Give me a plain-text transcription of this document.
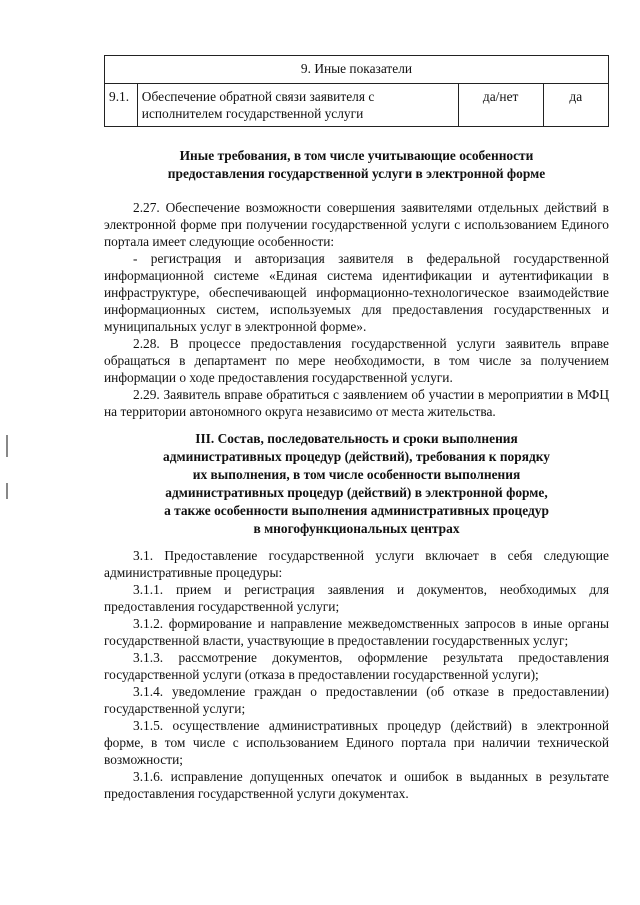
9. Иные показатели
9.1.	Обеспечение обратной связи заявителя с исполнителем государственной услуги	да/нет	да
Иные требования, в том числе учитывающие особенности
предоставления государственной услуги в электронной форме

2.27. Обеспечение возможности совершения заявителями отдельных действий в электронной форме при получении государственной услуги с использованием Единого портала имеет следующие особенности:

- регистрация и авторизация заявителя в федеральной государственной информационной системе «Единая система идентификации и аутентификации в инфраструктуре, обеспечивающей информационно-технологическое взаимодействие информационных систем, используемых для предоставления государственных и муниципальных услуг в электронной форме».

2.28. В процессе предоставления государственной услуги заявитель вправе обращаться в департамент по мере необходимости, в том числе за получением информации о ходе предоставления государственной услуги.

2.29. Заявитель вправе обратиться с заявлением об участии в мероприятии в МФЦ на территории автономного округа независимо от места жительства.

III. Состав, последовательность и сроки выполнения
административных процедур (действий), требования к порядку
их выполнения, в том числе особенности выполнения
административных процедур (действий) в электронной форме,
а также особенности выполнения административных процедур
в многофункциональных центрах

3.1. Предоставление государственной услуги включает в себя следующие административные процедуры:

3.1.1. прием и регистрация заявления и документов, необходимых для предоставления государственной услуги;

3.1.2. формирование и направление межведомственных запросов в иные органы государственной власти, участвующие в предоставлении государственных услуг;

3.1.3. рассмотрение документов, оформление результата предоставления государственной услуги (отказа в предоставлении государственной услуги);

3.1.4. уведомление граждан о предоставлении (об отказе в предоставлении) государственной услуги;

3.1.5. осуществление административных процедур (действий) в электронной форме, в том числе с использованием Единого портала при наличии технической возможности;

3.1.6. исправление допущенных опечаток и ошибок в выданных в результате предоставления государственной услуги документах.
